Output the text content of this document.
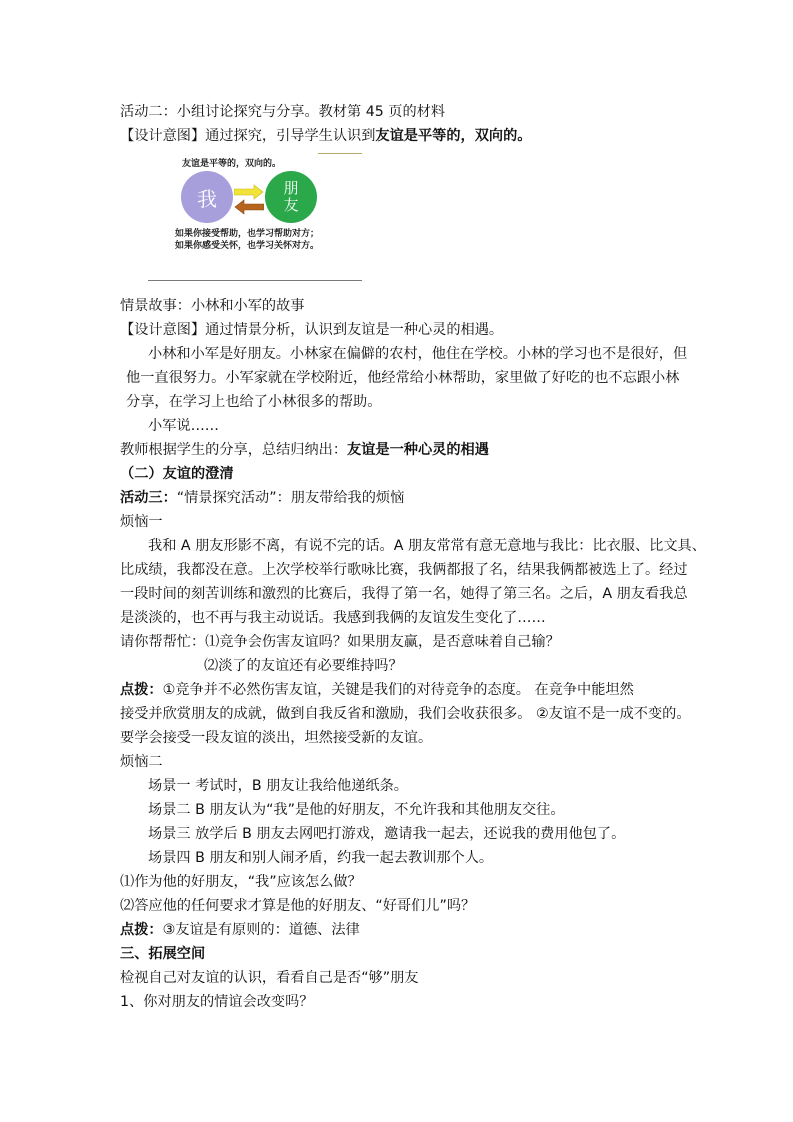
活动二：小组讨论探究与分享。教材第 45 页的材料
【设计意图】通过探究，引导学生认识到友谊是平等的，双向的。
友谊是平等的，双向的。
我	朋
友
如果你接受帮助，也学习帮助对方；
如果你感受关怀，也学习关怀对方。
情景故事：小林和小军的故事
【设计意图】通过情景分析，认识到友谊是一种心灵的相遇。
小林和小军是好朋友。小林家在偏僻的农村，他住在学校。小林的学习也不是很好，但
他一直很努力。小军家就在学校附近，他经常给小林帮助，家里做了好吃的也不忘跟小林
分享，在学习上也给了小林很多的帮助。
小军说……
教师根据学生的分享，总结归纳出：友谊是一种心灵的相遇
（二）友谊的澄清
活动三：“情景探究活动”：朋友带给我的烦恼
烦恼一
我和 A 朋友形影不离，有说不完的话。A 朋友常常有意无意地与我比：比衣服、比文具、
比成绩，我都没在意。上次学校举行歌咏比赛，我俩都报了名，结果我俩都被选上了。经过
一段时间的刻苦训练和激烈的比赛后，我得了第一名，她得了第三名。之后，A 朋友看我总
是淡淡的，也不再与我主动说话。我感到我俩的友谊发生变化了……
请你帮帮忙：⑴竞争会伤害友谊吗？如果朋友赢，是否意味着自己输？
⑵淡了的友谊还有必要维持吗？
点拨：①竞争并不必然伤害友谊，关键是我们的对待竞争的态度。 在竞争中能坦然
接受并欣赏朋友的成就，做到自我反省和激励，我们会收获很多。 ②友谊不是一成不变的。
要学会接受一段友谊的淡出，坦然接受新的友谊。
烦恼二
场景一 考试时，B 朋友让我给他递纸条。
场景二 B 朋友认为“我”是他的好朋友，不允许我和其他朋友交往。
场景三 放学后 B 朋友去网吧打游戏，邀请我一起去，还说我的费用他包了。
场景四 B 朋友和别人闹矛盾，约我一起去教训那个人。
⑴作为他的好朋友，“我”应该怎么做？
⑵答应他的任何要求才算是他的好朋友、“好哥们儿”吗？
点拨：③友谊是有原则的：道德、法律
三、拓展空间
检视自己对友谊的认识，看看自己是否“够”朋友
1、你对朋友的情谊会改变吗？
